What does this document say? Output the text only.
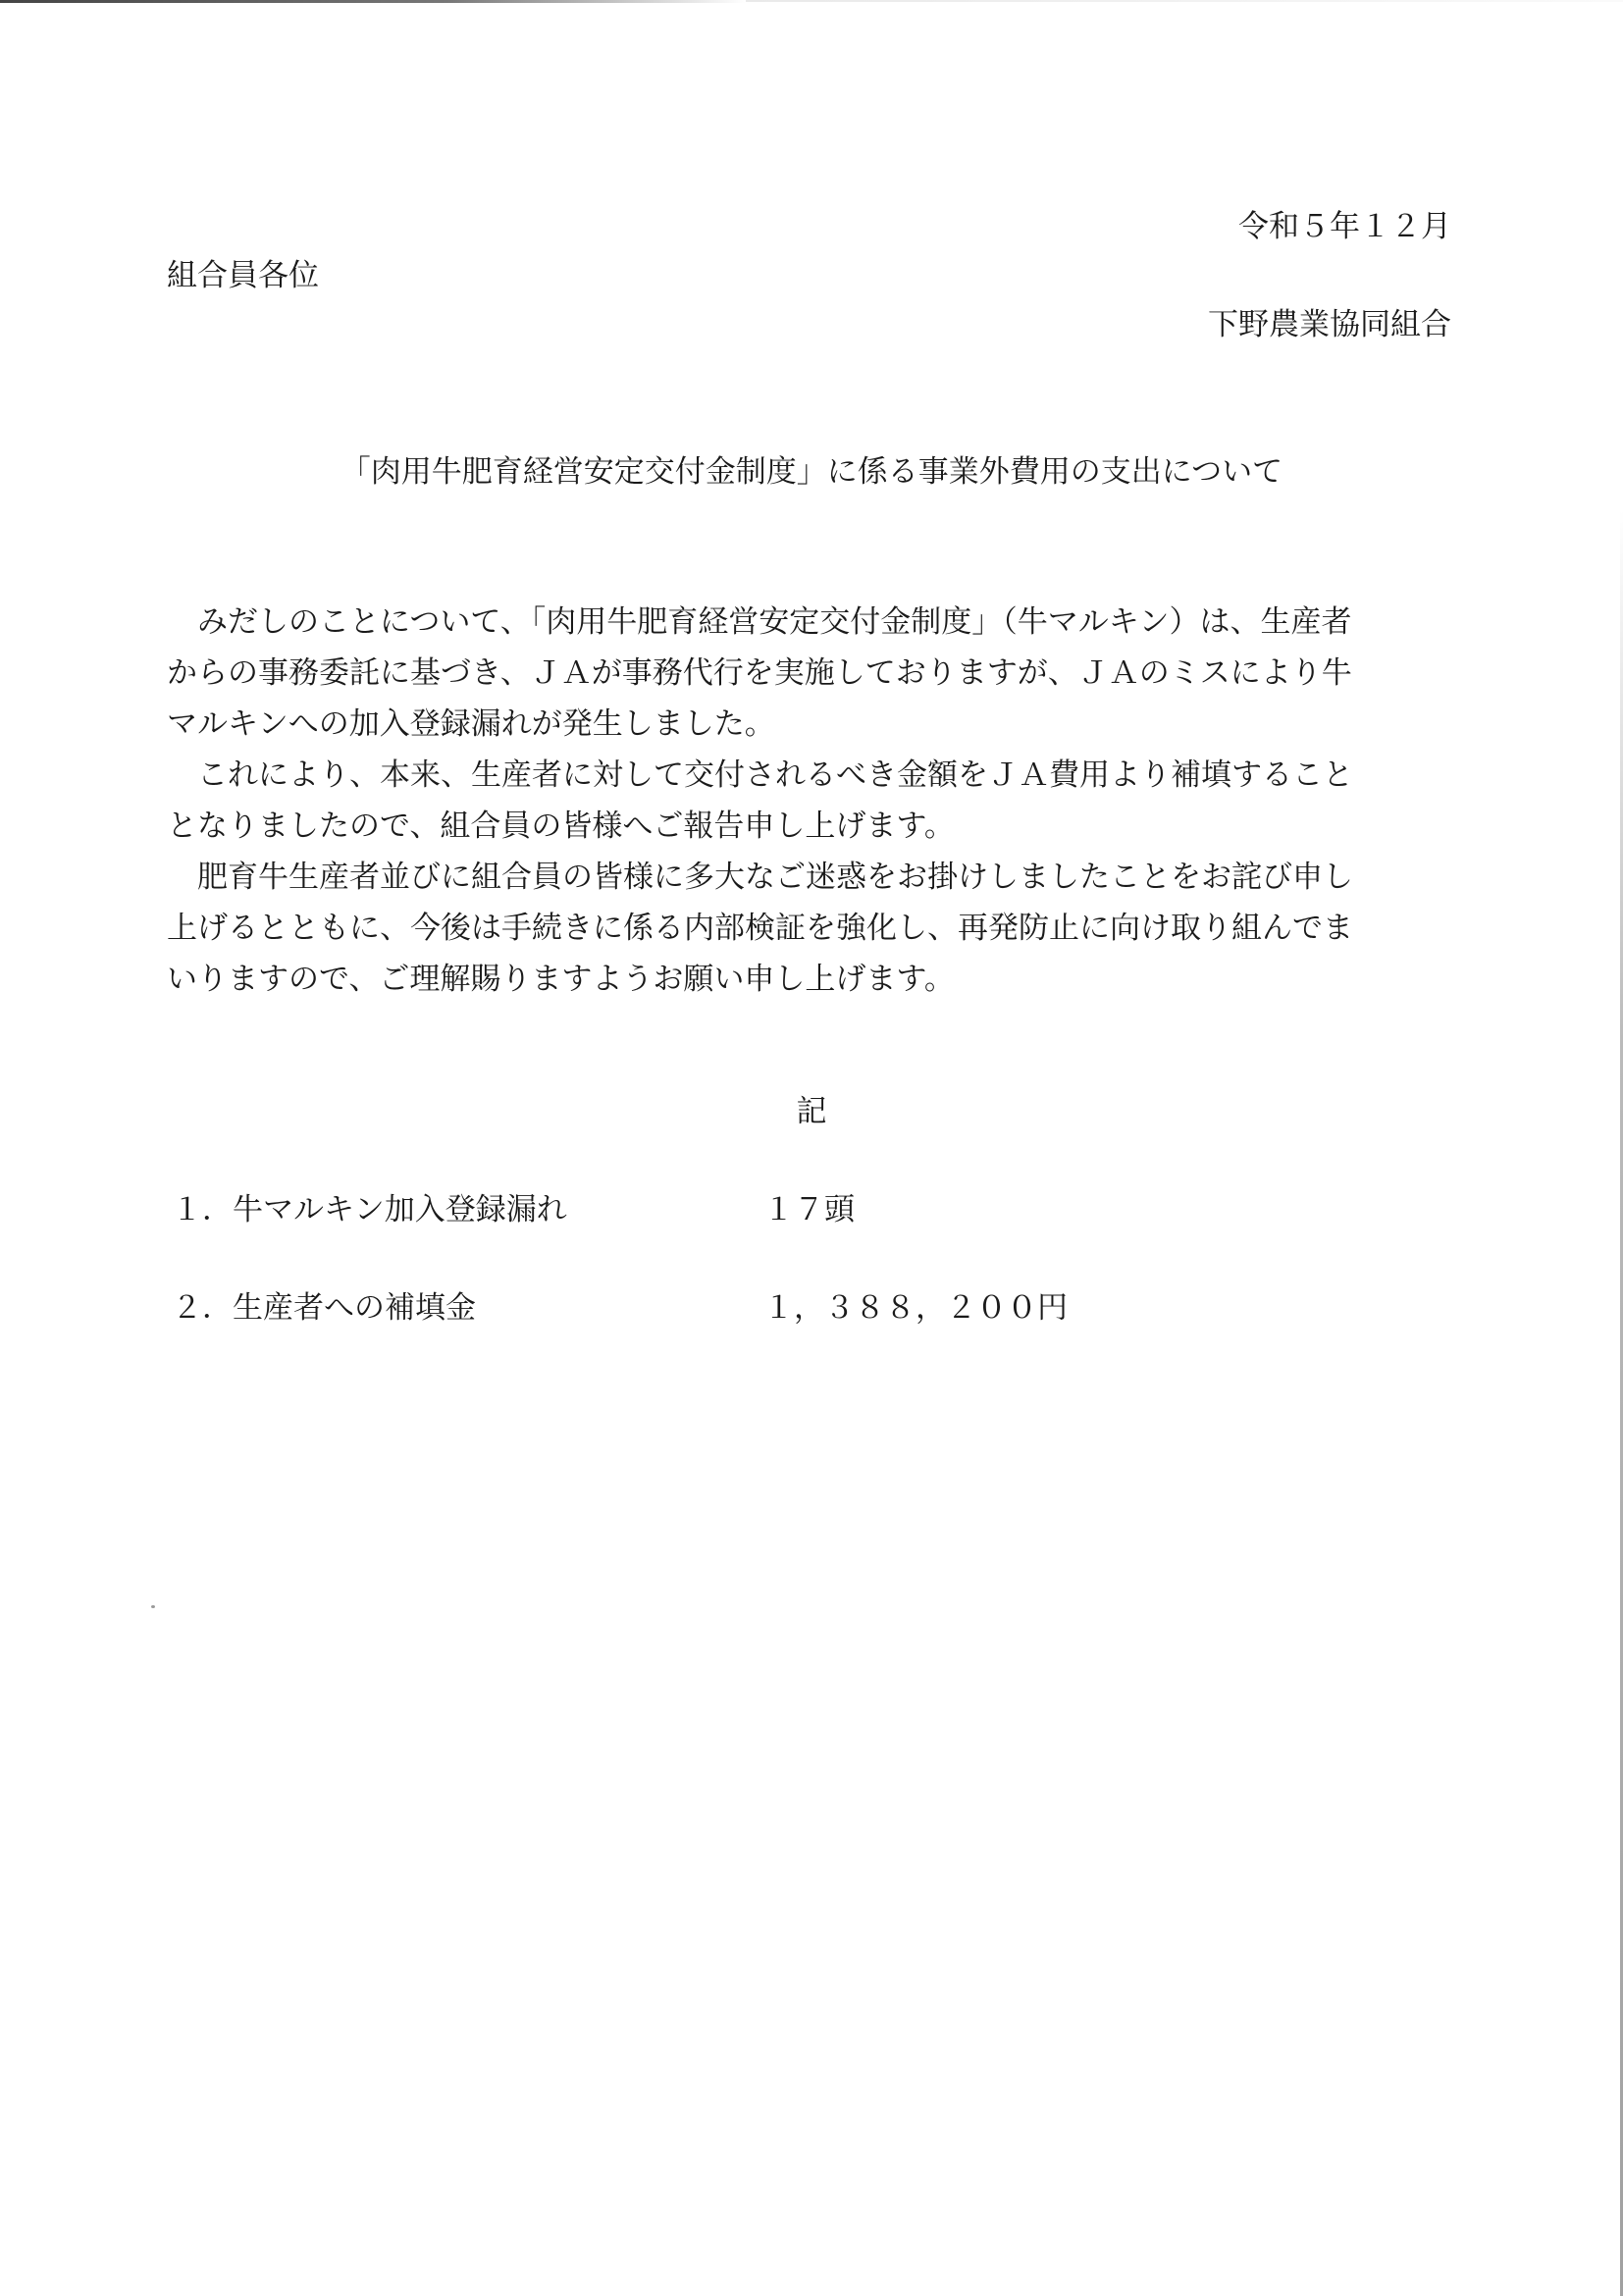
令和５年１２月
組合員各位
下野農業協同組合
「肉用牛肥育経営安定交付金制度」に係る事業外費用の支出について
　みだしのことについて、「肉用牛肥育経営安定交付金制度」（牛マルキン）は、生産者
からの事務委託に基づき、ＪＡが事務代行を実施しておりますが、ＪＡのミスにより牛
マルキンへの加入登録漏れが発生しました。
　これにより、本来、生産者に対して交付されるべき金額をＪＡ費用より補填すること
となりましたので、組合員の皆様へご報告申し上げます。
　肥育牛生産者並びに組合員の皆様に多大なご迷惑をお掛けしましたことをお詫び申し
上げるとともに、今後は手続きに係る内部検証を強化し、再発防止に向け取り組んでま
いりますので、ご理解賜りますようお願い申し上げます。
記
１．牛マルキン加入登録漏れ	１７頭
２．生産者への補填金	１，３８８，２００円
